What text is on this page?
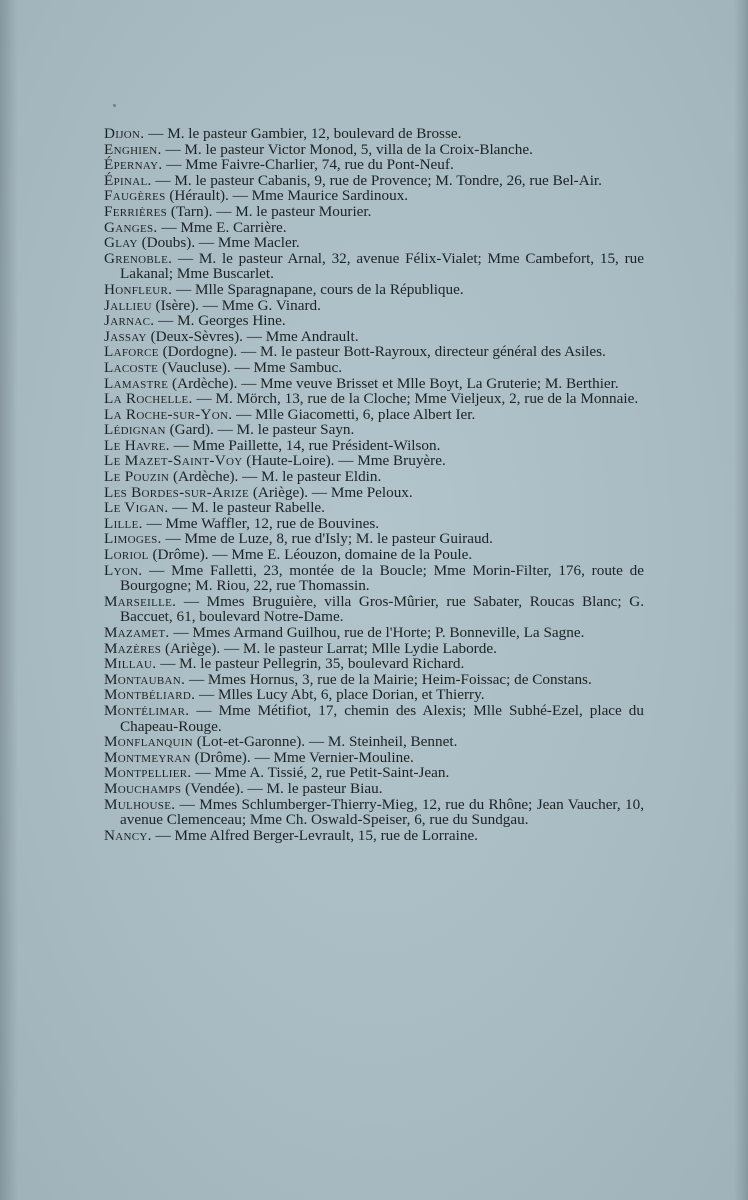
Dijon. — M. le pasteur Gambier, 12, boulevard de Brosse.

Enghien. — M. le pasteur Victor Monod, 5, villa de la Croix-Blanche.

Épernay. — Mme Faivre-Charlier, 74, rue du Pont-Neuf.

Épinal. — M. le pasteur Cabanis, 9, rue de Provence; M. Tondre, 26, rue Bel-Air.

Faugères (Hérault). — Mme Maurice Sardinoux.

Ferrières (Tarn). — M. le pasteur Mourier.

Ganges. — Mme E. Carrière.

Glay (Doubs). — Mme Macler.

Grenoble. — M. le pasteur Arnal, 32, avenue Félix-Vialet; Mme Cambefort, 15, rue Lakanal; Mme Buscarlet.

Honfleur. — Mlle Sparagnapane, cours de la République.

Jallieu (Isère). — Mme G. Vinard.

Jarnac. — M. Georges Hine.

Jassay (Deux-Sèvres). — Mme Andrault.

Laforce (Dordogne). — M. le pasteur Bott-Rayroux, directeur général des Asiles.

Lacoste (Vaucluse). — Mme Sambuc.

Lamastre (Ardèche). — Mme veuve Brisset et Mlle Boyt, La Gruterie; M. Berthier.

La Rochelle. — M. Mörch, 13, rue de la Cloche; Mme Vieljeux, 2, rue de la Monnaie.

La Roche-sur-Yon. — Mlle Giacometti, 6, place Albert Ier.

Lédignan (Gard). — M. le pasteur Sayn.

Le Havre. — Mme Paillette, 14, rue Président-Wilson.

Le Mazet-Saint-Voy (Haute-Loire). — Mme Bruyère.

Le Pouzin (Ardèche). — M. le pasteur Eldin.

Les Bordes-sur-Arize (Ariège). — Mme Peloux.

Le Vigan. — M. le pasteur Rabelle.

Lille. — Mme Waffler, 12, rue de Bouvines.

Limoges. — Mme de Luze, 8, rue d'Isly; M. le pasteur Guiraud.

Loriol (Drôme). — Mme E. Léouzon, domaine de la Poule.

Lyon. — Mme Falletti, 23, montée de la Boucle; Mme Morin-Filter, 176, route de Bourgogne; M. Riou, 22, rue Thomassin.

Marseille. — Mmes Bruguière, villa Gros-Mûrier, rue Sabater, Roucas Blanc; G. Baccuet, 61, boulevard Notre-Dame.

Mazamet. — Mmes Armand Guilhou, rue de l'Horte; P. Bonneville, La Sagne.

Mazères (Ariège). — M. le pasteur Larrat; Mlle Lydie Laborde.

Millau. — M. le pasteur Pellegrin, 35, boulevard Richard.

Montauban. — Mmes Hornus, 3, rue de la Mairie; Heim-Foissac; de Constans.

Montbéliard. — Mlles Lucy Abt, 6, place Dorian, et Thierry.

Montélimar. — Mme Métifiot, 17, chemin des Alexis; Mlle Subhé-Ezel, place du Chapeau-Rouge.

Monflanquin (Lot-et-Garonne). — M. Steinheil, Bennet.

Montmeyran (Drôme). — Mme Vernier-Mouline.

Montpellier. — Mme A. Tissié, 2, rue Petit-Saint-Jean.

Mouchamps (Vendée). — M. le pasteur Biau.

Mulhouse. — Mmes Schlumberger-Thierry-Mieg, 12, rue du Rhône; Jean Vaucher, 10, avenue Clemenceau; Mme Ch. Oswald-Speiser, 6, rue du Sundgau.

Nancy. — Mme Alfred Berger-Levrault, 15, rue de Lorraine.
